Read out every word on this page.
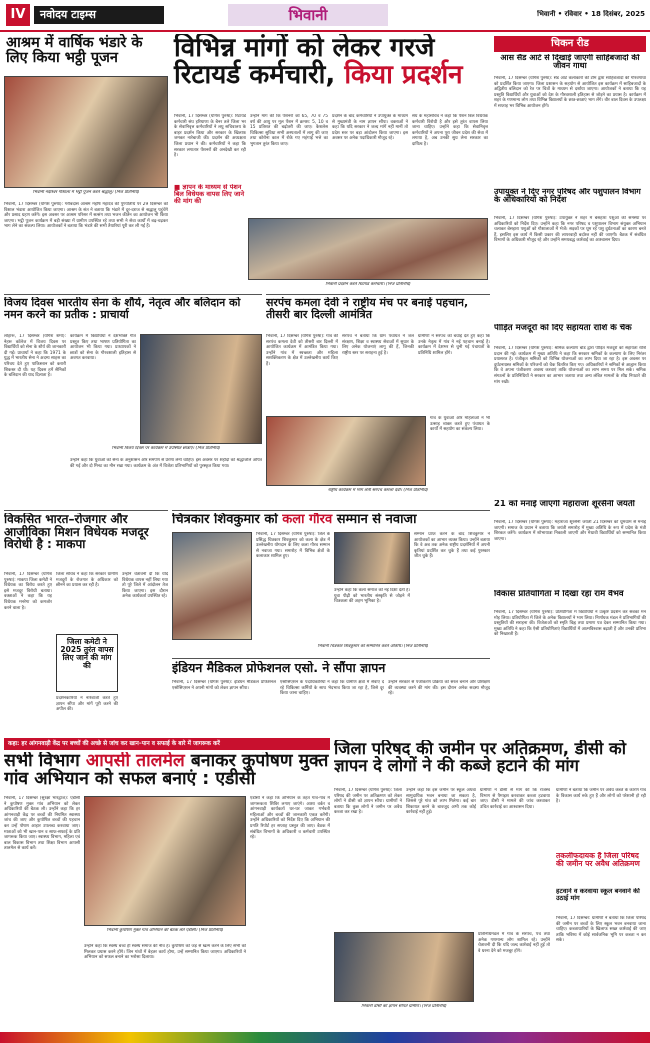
IV	नवोदय टाइम्स	भिवानी	भिवानी • रविवार • 18 दिसंबर, 2025
आश्रम में वार्षिक भंडारे के लिए किया भट्ठी पूजन
भिवानी नंदीश्वर गौशाला में भट्ठी पूजन करते श्रद्धालु। (निज प्रतिनिधि)
भिवानी, 17 दिसम्बर (योगेश पुरुषा): गरीबदास आश्रम महर्षि महादेव की पुण्यतिथि पर 29 दिसम्बर को विशाल भंडारा आयोजित किया जाएगा। आश्रम के संत ने बताया कि भंडारे में दूर-दराज से श्रद्धालु पहुंचेंगे और प्रसाद ग्रहण करेंगे। इस अवसर पर आश्रम परिसर में सत्संग तथा भजन कीर्तन का आयोजन भी किया जाएगा। भट्ठी पूजन कार्यक्रम में बड़ी संख्या में ग्रामीण उपस्थित रहे तथा सभी ने सेवा कार्यों में बढ़-चढ़कर भाग लेने का संकल्प लिया। आयोजकों ने बताया कि भंडारे की सभी तैयारियां पूरी कर ली गई हैं।
विभिन्न मांगों को लेकर गरजे रिटायर्ड कर्मचारी, किया प्रदर्शन
भिवानी, 17 दिसम्बर (योगेश पुरुषा): रिटायर्ड कर्मचारी संघ हरियाणा के बैनर तले जिला भर के सेवानिवृत्त कर्मचारियों ने लघु सचिवालय के बाहर प्रदर्शन किया और सरकार के खिलाफ जमकर नारेबाजी की। प्रदर्शन की अध्यक्षता जिला प्रधान ने की। कर्मचारियों ने कहा कि सरकार लगातार पेंशनरों की अनदेखी कर रही है।
■ ज्ञापन के माध्यम से पेंशन बिल विधेयक वापस लिए जाने की मांग की
उन्होंने मांग की कि पेंशनरों को 65, 70 व 75 वर्ष की आयु पर मूल पेंशन में क्रमश: 5, 10 व 15 प्रतिशत की बढ़ोतरी की जाए। कैशलेस चिकित्सा सुविधा सभी अस्पतालों में लागू की जाए तथा कोरोना काल में रोके गए महंगाई भत्ते का भुगतान तुरंत किया जाए।
प्रदर्शन के बाद कर्मचारियों ने उपायुक्त के माध्यम से मुख्यमंत्री के नाम ज्ञापन सौंपा। वक्ताओं ने कहा कि यदि सरकार ने जल्द मांगें नहीं मानीं तो प्रदेश स्तर पर बड़ा आंदोलन किया जाएगा। इस अवसर पर अनेक पदाधिकारी मौजूद रहे।
संघ के महासचिव ने कहा कि पेंशन बिल विधेयक कर्मचारी विरोधी है और इसे तुरंत वापस लिया जाना चाहिए। उन्होंने कहा कि सेवानिवृत्त कर्मचारियों ने अपना पूरा जीवन प्रदेश की सेवा में लगाया है, अब उनकी सुध लेना सरकार का दायित्व है।
भिवानी प्रदर्शन करते रिटायर्ड कर्मचारी। (निज प्रतिनिधि)
चिकन रीड
आस सैंड आर्ट से दिखाई जाएगी साहिबजादों की जीवन गाथा
भिवानी, 17 दिसम्बर (योगेश पुरुषा): सैंड आर्ट कलाकारों की टीम द्वारा साहिबजादों की गौरवगाथा को प्रदर्शित किया जाएगा। जिला प्रशासन के सहयोग से आयोजित इस कार्यक्रम में साहिबजादों के अद्वितीय बलिदान को रेत पर चित्रों के माध्यम से दर्शाया जाएगा। आयोजकों ने बताया कि यह प्रस्तुति विद्यार्थियों और युवाओं को देश के गौरवशाली इतिहास से जोड़ने का प्रयास है। कार्यक्रम में शहर के गणमान्य लोग तथा विभिन्न विद्यालयों के छात्र-छात्राएं भाग लेंगे। वीर बाल दिवस के उपलक्ष्य में सप्ताह भर विभिन्न आयोजन होंगे।
उपायुक्त ने दिए नगर परिषद और पशुपालन विभाग के अधिकारियों को निर्देश
भिवानी, 17 दिसम्बर (योगेश पुरुषा): उपायुक्त ने शहर में बेसहारा पशुओं की समस्या पर अधिकारियों को निर्देश दिए। उन्होंने कहा कि नगर परिषद व पशुपालन विभाग संयुक्त अभियान चलाकर बेसहारा पशुओं को गौशालाओं में भेजें। सड़कों पर घूम रहे पशु दुर्घटनाओं का कारण बनते हैं, इसलिए इस कार्य में किसी प्रकार की लापरवाही बर्दाश्त नहीं की जाएगी। बैठक में संबंधित विभागों के अधिकारी मौजूद रहे और उन्होंने समयबद्ध कार्रवाई का आश्वासन दिया।
पीड़ित मजदूरों को दिए सहायता राशि के चैक
भिवानी, 17 दिसम्बर (योगेश पुरुषा): श्रमिक कल्याण बोर्ड द्वारा पीड़ित मजदूरों को सहायता राशि प्रदान की गई। कार्यक्रम में मुख्य अतिथि ने कहा कि सरकार श्रमिकों के कल्याण के लिए निरंतर प्रयासरत है। पंजीकृत श्रमिकों को विभिन्न योजनाओं का लाभ दिया जा रहा है। इस अवसर पर दुर्घटनाग्रस्त श्रमिकों के परिजनों को चैक वितरित किए गए। अधिकारियों ने श्रमिकों से आह्वान किया कि वे अपना पंजीकरण अवश्य करवाएं ताकि योजनाओं का लाभ समय पर मिल सके। श्रमिक संगठनों के प्रतिनिधियों ने सरकार का आभार जताया तथा अन्य लंबित मामलों के शीघ्र निपटारे की मांग रखी।
21 को मनाई जाएगी महाराजा शूरसैनी जयंती
भिवानी, 17 दिसम्बर (योगेश पुरुषा): महाराजा शूरसैनी जयंती 21 दिसम्बर को धूमधाम से मनाई जाएगी। समाज के प्रधान ने बताया कि जयंती समारोह में मुख्य अतिथि के रूप में प्रदेश के मंत्री शिरकत करेंगे। कार्यक्रम में शोभायात्रा निकाली जाएगी और मेधावी विद्यार्थियों को सम्मानित किया जाएगा।
विजय दिवस भारतीय सेना के शौर्य, नेतृत्व और बलिदान को नमन करने का प्रतीक : प्राचार्या
लोहारू, 17 दिसम्बर (योगेश शर्मा): नेहरू कॉलेज में विजय दिवस पर विद्यार्थियों को सेना के शौर्य की जानकारी दी गई। प्राचार्या ने कहा कि 1971 के युद्ध में भारतीय सेना ने अदम्य साहस का परिचय देते हुए पाकिस्तान को करारी शिकस्त दी थी। यह दिवस हमें सैनिकों के बलिदान की याद दिलाता है।
कार्यक्रम में विद्यार्थियों ने देशभक्ति गीत प्रस्तुत किए तथा भाषण प्रतियोगिता का आयोजन भी किया गया। प्राध्यापकों ने छात्रों को सेना के गौरवशाली इतिहास से अवगत करवाया।
भिवानी विजय दिवस पर कार्यक्रम में उपस्थित छात्राएं। (निज प्रतिनिधि)
उन्होंने कहा कि युवाओं को सेना के अनुशासन और समर्पण से प्रेरणा लेनी चाहिए। इस अवसर पर शहीदों को श्रद्धांजलि अर्पित की गई और दो मिनट का मौन रखा गया। कार्यक्रम के अंत में विजेता प्रतिभागियों को पुरस्कृत किया गया।
सरपंच कमला देवी ने राष्ट्रीय मंच पर बनाई पहचान, तीसरी बार दिल्ली आमंत्रित
भिवानी, 17 दिसम्बर (योगेश पुरुषा): गांव की सरपंच कमला देवी को तीसरी बार दिल्ली में आयोजित कार्यक्रम में आमंत्रित किया गया। उन्होंने गांव में स्वच्छता और महिला सशक्तिकरण के क्षेत्र में उल्लेखनीय कार्य किए हैं।
सरपंच ने बताया कि ग्राम पंचायत ने जल संरक्षण, शिक्षा व स्वास्थ्य सेवाओं में सुधार के लिए अनेक योजनाएं लागू की हैं, जिनकी राष्ट्रीय स्तर पर सराहना हुई है।
ग्रामीणों ने सरपंच को बधाई देते हुए कहा कि उनके नेतृत्व में गांव ने नई पहचान बनाई है। कार्यक्रम में देशभर से चुनी गई पंचायतों के प्रतिनिधि शामिल होंगे।
राष्ट्रीय कार्यक्रम में भाग लेती सरपंच कमला देवी। (निज प्रतिनिधि)
गांव के युवाओं और महिलाओं ने भी उत्साह व्यक्त करते हुए पंचायत के कार्यों में सहयोग का संकल्प लिया।
विकसित भारत–रोजगार और आजीविका मिशन विधेयक मजदूर विरोधी है : माकपा
भिवानी, 17 दिसम्बर (योगेश पुरुषा): माकपा जिला कमेटी ने विधेयक का विरोध करते हुए इसे मजदूर विरोधी बताया। वक्ताओं ने कहा कि यह विधेयक मनरेगा को कमजोर करने वाला है।
जिला कमेटी ने 2025 तुरंत वापस लिए जाने की मांग की
जिला सचिव ने कहा कि सरकार ग्रामीण मजदूरों के रोजगार के अधिकार को छीनने का प्रयास कर रही है।
उन्होंने चेतावनी दी कि यदि विधेयक वापस नहीं लिया गया तो पूरे जिले में आंदोलन तेज किया जाएगा। इस दौरान अनेक कार्यकर्ता उपस्थित रहे।
प्रदर्शनकारियों ने नारेबाजी करते हुए ज्ञापन सौंपा और मांगें पूरी करने की अपील की।
चित्रकार शिवकुमार को कला गौरव सम्मान से नवाजा
भिवानी, 17 दिसम्बर (योगेश पुरुषा): जिले के प्रसिद्ध चित्रकार शिवकुमार को कला के क्षेत्र में उल्लेखनीय योगदान के लिए कला गौरव सम्मान से नवाजा गया। समारोह में विभिन्न क्षेत्रों के कलाकार शामिल हुए।
उन्होंने कहा कि कला समाज को नई दिशा देती है। युवा पीढ़ी को भारतीय संस्कृति से जोड़ने में चित्रकला की अहम भूमिका है।
सम्मान प्राप्त करने के बाद शिवकुमार ने आयोजकों का आभार व्यक्त किया। उन्होंने बताया कि वे अब तक अनेक राष्ट्रीय प्रदर्शनियों में अपनी कृतियां प्रदर्शित कर चुके हैं तथा कई पुरस्कार जीत चुके हैं।
भिवानी चित्रकार शिवकुमार को सम्मानित करते अतिथि। (निज प्रतिनिधि)
विकास प्रतियोगिता में दिखा रहा राम वैभव
भिवानी, 17 दिसम्बर (योगेश पुरुषा): प्रतियोगिता में विद्यार्थियों ने उत्कृष्ट प्रदर्शन कर सबका मन मोह लिया। प्रतियोगिता में जिले के अनेक विद्यालयों ने भाग लिया। निर्णायक मंडल ने प्रतिभागियों की प्रस्तुतियों की सराहना की। विजेताओं को स्मृति चिह्न तथा प्रमाण पत्र देकर सम्मानित किया गया। मुख्य अतिथि ने कहा कि ऐसी प्रतियोगिताएं विद्यार्थियों में आत्मविश्वास बढ़ाती हैं और उनकी प्रतिभा को निखारती हैं।
इंडियन मैडिकल प्रोफेशनल एसो. ने सौंपा ज्ञापन
भिवानी, 17 दिसम्बर (योगेश पुरुषा): इंडियन मैडिकल प्रोफेशनल एसोसिएशन ने अपनी मांगों को लेकर ज्ञापन सौंपा।
एसोसिएशन के पदाधिकारियों ने कहा कि ग्रामीण क्षेत्रों में सेवाएं दे रहे चिकित्सा कर्मियों के साथ भेदभाव किया जा रहा है, जिसे दूर किया जाना चाहिए।
उन्होंने सरकार से पंजीकरण प्रक्रिया को सरल बनाने और प्रशिक्षण की व्यवस्था करने की मांग की। इस दौरान अनेक सदस्य मौजूद रहे।
कहा: हर आंगनवाड़ी केंद्र पर बच्चों की अच्छे से जांच कर खान–पान व सफाई के बारे में जागरूक करें
सभी विभाग आपसी तालमेल बनाकर कुपोषण मुक्त गांव अभियान को सफल बनाएं : एडीसी
भिवानी, 17 दिसम्बर (सुरक्षा भारद्वाज): एडीसी ने कुपोषण मुक्त गांव अभियान को लेकर अधिकारियों की बैठक ली। उन्होंने कहा कि हर आंगनवाड़ी केंद्र पर बच्चों की नियमित स्वास्थ्य जांच की जाए और कुपोषित बच्चों की पहचान कर उन्हें पोषण आहार उपलब्ध करवाया जाए। माताओं को भी खान-पान व साफ-सफाई के प्रति जागरूक किया जाए। स्वास्थ्य विभाग, महिला एवं बाल विकास विभाग तथा शिक्षा विभाग आपसी तालमेल से कार्य करें।
भिवानी कुपोषण मुक्त गांव अभियान की बैठक लेते एडीसी। (निज प्रतिनिधि)
एडीसी ने कहा कि अभियान के तहत गांव-गांव में जागरूकता शिविर लगाए जाएंगे। आशा वर्कर व आंगनवाड़ी कार्यकर्ता घर-घर जाकर गर्भवती महिलाओं और बच्चों की जानकारी एकत्र करेंगी। उन्होंने अधिकारियों को निर्देश दिए कि अभियान की प्रगति रिपोर्ट हर सप्ताह प्रस्तुत की जाए। बैठक में संबंधित विभागों के अधिकारी व कर्मचारी उपस्थित रहे।
उन्होंने कहा कि स्वस्थ बच्चे ही स्वस्थ समाज की नींव हैं। कुपोषण को जड़ से खत्म करने के लिए सभी को मिलकर प्रयास करने होंगे। जिन गांवों में बेहतर कार्य होगा, उन्हें सम्मानित किया जाएगा। अधिकारियों ने अभियान को सफल बनाने का भरोसा दिलाया।
जिला परिषद की जमीन पर अतिक्रमण, डीसी को ज्ञापन दे लोगों ने की कब्जे हटाने की मांग
भिवानी, 17 दिसम्बर (योगेश पुरुषा): जिला परिषद की जमीन पर अतिक्रमण को लेकर लोगों ने डीसी को ज्ञापन सौंपा। ग्रामीणों ने बताया कि कुछ लोगों ने जमीन पर अवैध कब्जा कर रखा है।
उन्होंने कहा कि इस जमीन पर स्कूल अथवा सामुदायिक भवन बनाया जा सकता है, जिससे पूरे गांव को लाभ मिलेगा। कई बार शिकायत करने के बावजूद अभी तक कोई कार्रवाई नहीं हुई।
ग्रामीणों ने डीसी से मांग की कि राजस्व विभाग से पैमाइश करवाकर कब्जा हटवाया जाए। डीसी ने मामले की जांच करवाकर उचित कार्रवाई का आश्वासन दिया।
भिवानी डीसी को ज्ञापन सौंपते ग्रामीण। (निज प्रतिनिधि)
प्रतिनिधिमंडल में गांव के सरपंच, पंच तथा अनेक गणमान्य लोग शामिल रहे। उन्होंने चेतावनी दी कि यदि जल्द कार्रवाई नहीं हुई तो वे धरना देने को मजबूर होंगे।
ग्रामीणों ने बताया कि जमीन पर अवैध कब्जे के कारण गांव के विकास कार्य रुके हुए हैं और लोगों को परेशानी हो रही है।
तकलीफदायक है जिला परिषद की जमीन पर अवैध अतिक्रमण
हटवाने व करवाया स्कूल बनवाने की उठाई मांग
भिवानी, 17 दिसम्बर: ग्रामीणों ने बताया कि जिला परिषद की जमीन पर बच्चों के लिए स्कूल भवन बनवाया जाना चाहिए। कब्जाधारियों के खिलाफ सख्त कार्रवाई की जाए ताकि भविष्य में कोई सार्वजनिक भूमि पर कब्जा न कर सके।
